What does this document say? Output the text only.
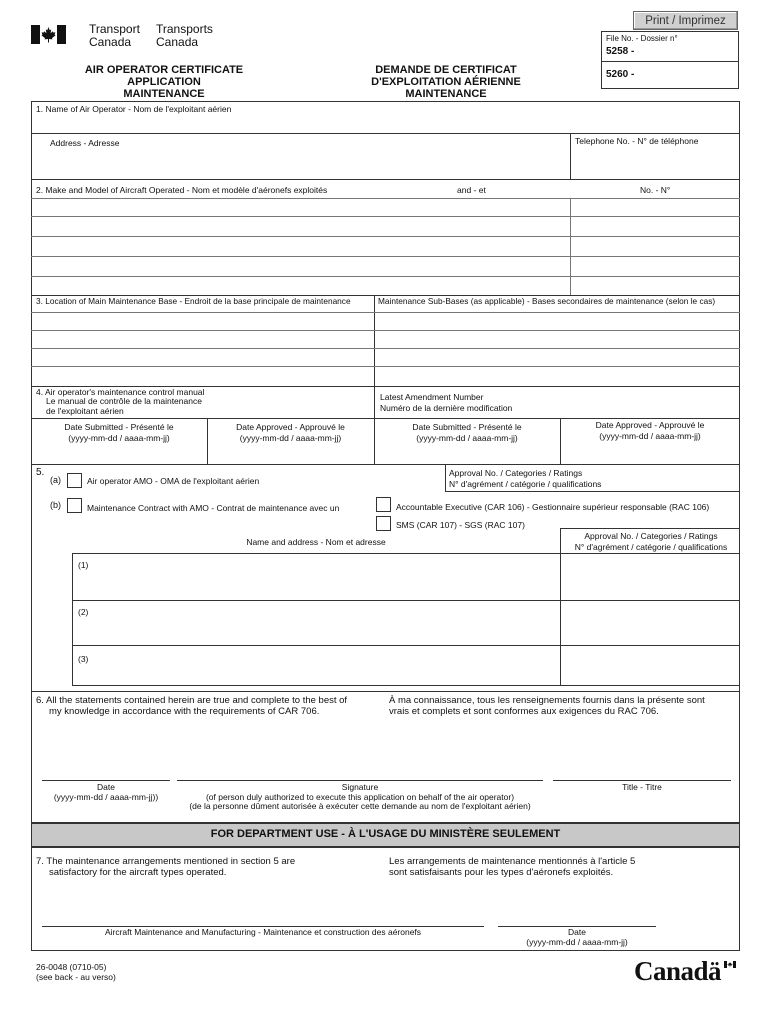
Transport
Canada
Transports
Canada
AIR OPERATOR CERTIFICATE
APPLICATION
MAINTENANCE
DEMANDE DE CERTIFICAT
D'EXPLOITATION AÉRIENNE
MAINTENANCE
Print / Imprimez
File No. - Dossier n°
5258 -
5260 -
1. Name of Air Operator - Nom de l'exploitant aérien
Address - Adresse	Telephone No. - N° de téléphone
2. Make and Model of Aircraft Operated - Nom et modèle d'aéronefs exploités	and - et	No. - N°
3. Location of Main Maintenance Base - Endroit de la base principale de maintenance	Maintenance Sub-Bases (as applicable) - Bases secondaires de maintenance (selon le cas)
4. Air operator's maintenance control manual
Le manual de contrôle de la maintenance
de l'exploitant aérien
Latest Amendment Number
Numéro de la dernière modification
Date Submitted - Présenté le
(yyyy-mm-dd / aaaa-mm-jj)
Date Approved - Approuvé le
(yyyy-mm-dd / aaaa-mm-jj)
Date Submitted - Présenté le
(yyyy-mm-dd / aaaa-mm-jj)
Date Approved - Approuvé le
(yyyy-mm-dd / aaaa-mm-jj)
5.
(a)	Air operator AMO - OMA de l'exploitant aérien
Approval No. / Categories / Ratings
N° d'agrément / catégorie / qualifications
(b)	Maintenance Contract with AMO - Contrat de maintenance avec un	Accountable Executive (CAR 106) - Gestionnaire supérieur responsable (RAC 106)
SMS (CAR 107) - SGS (RAC 107)
Name and address - Nom et adresse
Approval No. / Categories / Ratings
N° d'agrément / catégorie / qualifications
(1)
(2)
(3)
6. All the statements contained herein are true and complete to the best of
my knowledge in accordance with the requirements of CAR 706.
À ma connaissance, tous les renseignements fournis dans la présente sont
vrais et complets et sont conformes aux exigences du RAC 706.
Date
(yyyy-mm-dd / aaaa-mm-jj))
Signature
(of person duly authorized to execute this application on behalf of the air operator)
(de la personne dûment autorisée à exécuter cette demande au nom de l'exploitant aérien)
Title - Titre
FOR DEPARTMENT USE - À L'USAGE DU MINISTÈRE SEULEMENT
7. The maintenance arrangements mentioned in section 5 are
satisfactory for the aircraft types operated.
Les arrangements de maintenance mentionnés à l'article 5
sont satisfaisants pour les types d'aéronefs exploités.
Aircraft Maintenance and Manufacturing - Maintenance et construction des aéronefs	Date
(yyyy-mm-dd / aaaa-mm-jj)
26-0048 (0710-05)
(see back - au verso)	Canadä
